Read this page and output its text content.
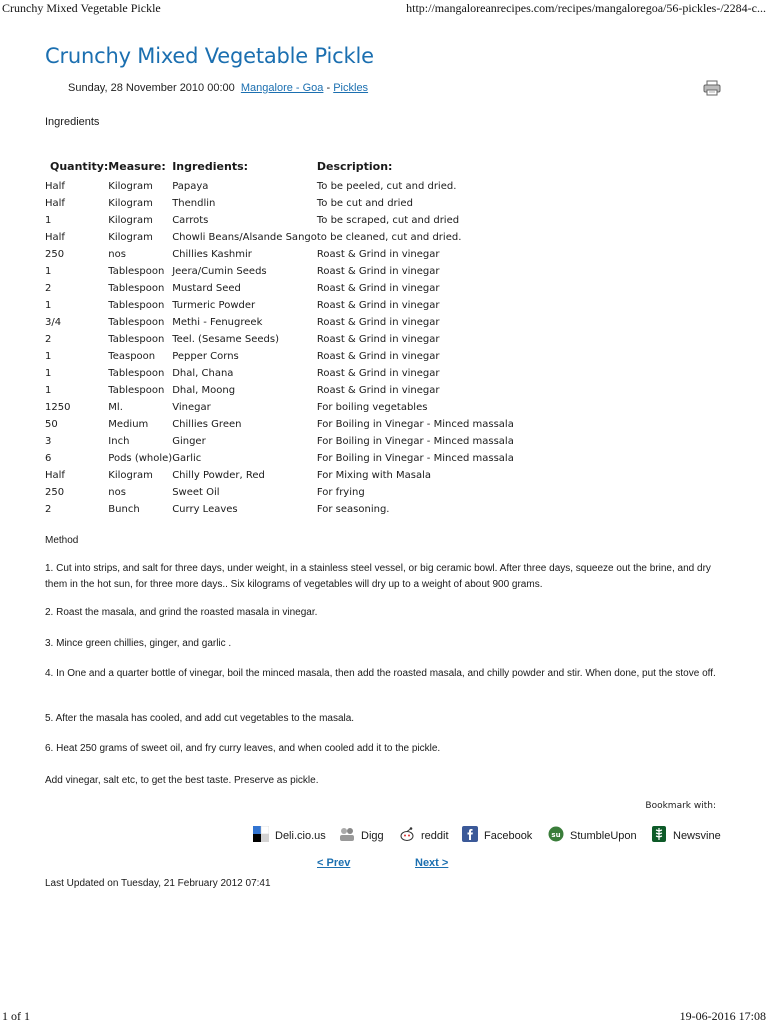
Crunchy Mixed Vegetable Pickle	http://mangaloreanrecipes.com/recipes/mangaloregoa/56-pickles-/2284-c...
Crunchy Mixed Vegetable Pickle
Sunday, 28 November 2010 00:00 Mangalore - Goa - Pickles
Ingredients
Quantity:	Measure:	Ingredients:	Description:
Half	Kilogram	Papaya	To be peeled, cut and dried.
Half	Kilogram	Thendlin	To be cut and dried
1	Kilogram	Carrots	To be scraped, cut and dried
Half	Kilogram	Chowli Beans/Alsande Sango	to be cleaned, cut and dried.
250	nos	Chillies Kashmir	Roast & Grind in vinegar
1	Tablespoon	Jeera/Cumin Seeds	Roast & Grind in vinegar
2	Tablespoon	Mustard Seed	Roast & Grind in vinegar
1	Tablespoon	Turmeric Powder	Roast & Grind in vinegar
3/4	Tablespoon	Methi - Fenugreek	Roast & Grind in vinegar
2	Tablespoon	Teel. (Sesame Seeds)	Roast & Grind in vinegar
1	Teaspoon	Pepper Corns	Roast & Grind in vinegar
1	Tablespoon	Dhal, Chana	Roast & Grind in vinegar
1	Tablespoon	Dhal, Moong	Roast & Grind in vinegar
1250	Ml.	Vinegar	For boiling vegetables
50	Medium	Chillies Green	For Boiling in Vinegar - Minced massala
3	Inch	Ginger	For Boiling in Vinegar - Minced massala
6	Pods (whole)	Garlic	For Boiling in Vinegar - Minced massala
Half	Kilogram	Chilly Powder, Red	For Mixing with Masala
250	nos	Sweet Oil	For frying
2	Bunch	Curry Leaves	For seasoning.
Method

1. Cut into strips, and salt for three days, under weight, in a stainless steel vessel, or big ceramic bowl. After three days, squeeze out the brine, and dry them in the hot sun, for three more days.. Six kilograms of vegetables will dry up to a weight of about 900 grams.

2. Roast the masala, and grind the roasted masala in vinegar.

3. Mince green chillies, ginger, and garlic .

4. In One and a quarter bottle of vinegar, boil the minced masala, then add the roasted masala, and chilly powder and stir. When done, put the stove off.

5. After the masala has cooled, and add cut vegetables to the masala.

6. Heat 250 grams of sweet oil, and fry curry leaves, and when cooled add it to the pickle.

Add vinegar, salt etc, to get the best taste. Preserve as pickle.

Bookmark with:
Deli.cio.us	Digg	reddit	Facebook	su StumbleUpon	Newsvine
< Prev	Next >
Last Updated on Tuesday, 21 February 2012 07:41
1 of 1	19-06-2016 17:08
